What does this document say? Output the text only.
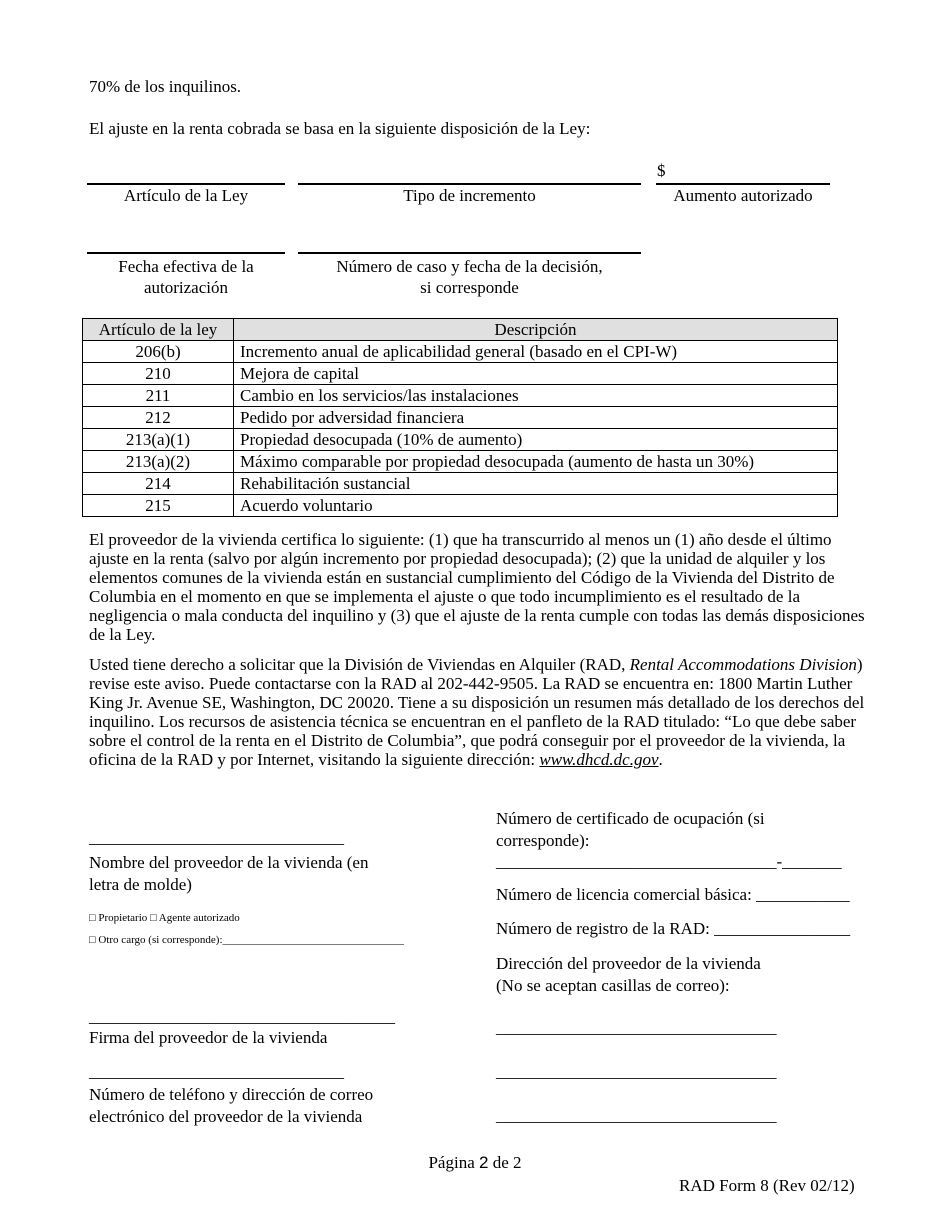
70% de los inquilinos.
El ajuste en la renta cobrada se basa en la siguiente disposición de la Ley:
$
Artículo de la Ley	Tipo de incremento	Aumento autorizado
Fecha efectiva de la
autorización
Número de caso y fecha de la decisión,
si corresponde
Artículo de la ley	Descripción
206(b)	Incremento anual de aplicabilidad general (basado en el CPI-W)
210	Mejora de capital
211	Cambio en los servicios/las instalaciones
212	Pedido por adversidad financiera
213(a)(1)	Propiedad desocupada (10% de aumento)
213(a)(2)	Máximo comparable por propiedad desocupada (aumento de hasta un 30%)
214	Rehabilitación sustancial
215	Acuerdo voluntario
El proveedor de la vivienda certifica lo siguiente: (1) que ha transcurrido al menos un (1) año desde el último ajuste en la renta (salvo por algún incremento por propiedad desocupada); (2) que la unidad de alquiler y los elementos comunes de la vivienda están en sustancial cumplimiento del Código de la Vivienda del Distrito de Columbia en el momento en que se implementa el ajuste o que todo incumplimiento es el resultado de la negligencia o mala conducta del inquilino y (3) que el ajuste de la renta cumple con todas las demás disposiciones de la Ley.
Usted tiene derecho a solicitar que la División de Viviendas en Alquiler (RAD, Rental Accommodations Division) revise este aviso. Puede contactarse con la RAD al 202-442-9505. La RAD se encuentra en: 1800 Martin Luther King Jr. Avenue SE, Washington, DC 20020. Tiene a su disposición un resumen más detallado de los derechos del inquilino. Los recursos de asistencia técnica se encuentran en el panfleto de la RAD titulado: “Lo que debe saber sobre el control de la renta en el Distrito de Columbia”, que podrá conseguir por el proveedor de la vivienda, la oficina de la RAD y por Internet, visitando la siguiente dirección: www.dhcd.dc.gov.
______________________________
Nombre del proveedor de la vivienda (en
letra de molde)
□ Propietario □ Agente autorizado
□ Otro cargo (si corresponde):_________________________________
____________________________________
Firma del proveedor de la vivienda
______________________________
Número de teléfono y dirección de correo
electrónico del proveedor de la vivienda
Número de certificado de ocupación (si
corresponde):
_________________________________-_______
Número de licencia comercial básica: ___________
Número de registro de la RAD: ________________
Dirección del proveedor de la vivienda
(No se aceptan casillas de correo):
_________________________________
_________________________________
_________________________________
Página 2 de 2
RAD Form 8 (Rev 02/12)
